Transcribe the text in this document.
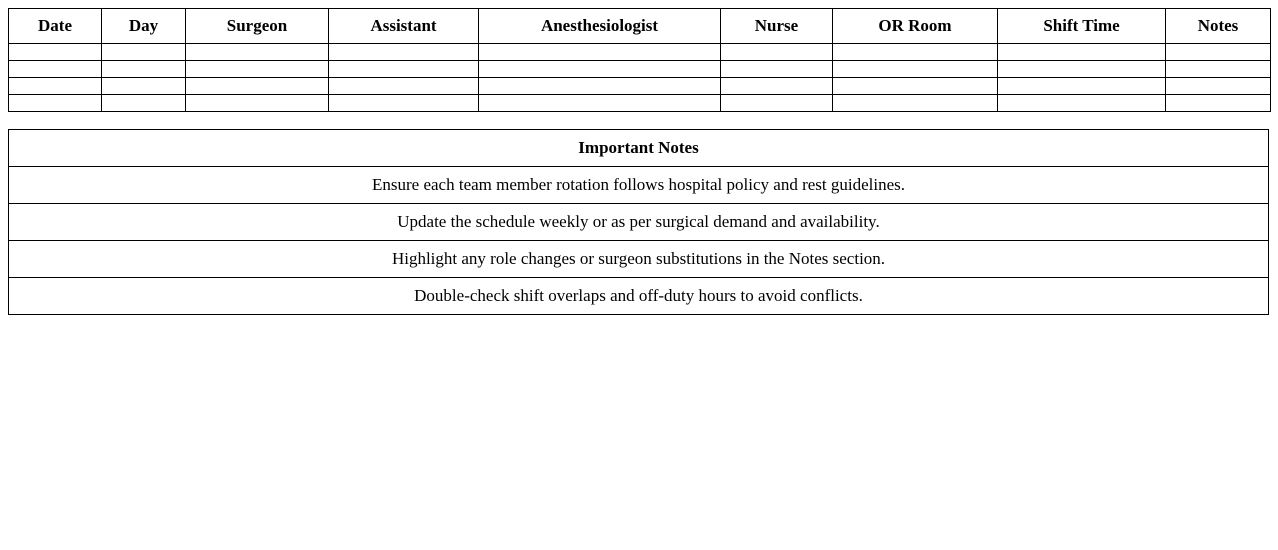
Date	Day	Surgeon	Assistant	Anesthesiologist	Nurse	OR Room	Shift Time	Notes

Important Notes
Ensure each team member rotation follows hospital policy and rest guidelines.
Update the schedule weekly or as per surgical demand and availability.
Highlight any role changes or surgeon substitutions in the Notes section.
Double-check shift overlaps and off-duty hours to avoid conflicts.
